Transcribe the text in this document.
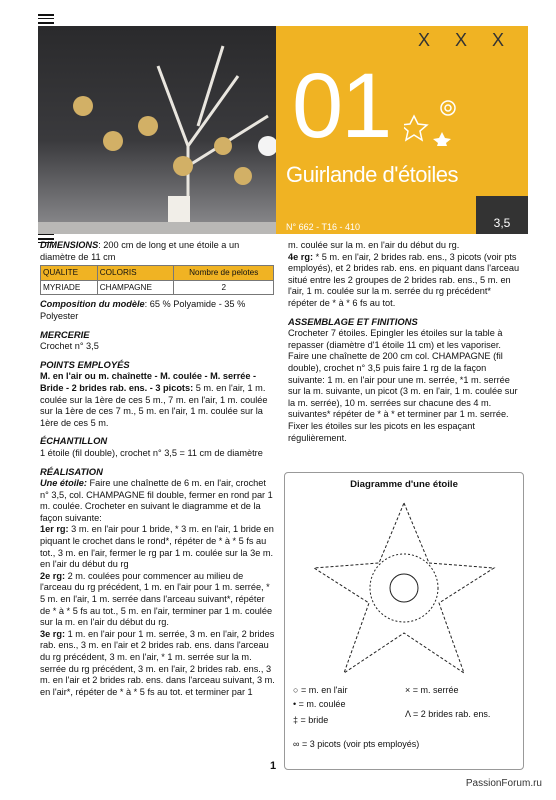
X X X
01
Guirlande d'étoiles
N° 662 - T16 - 410	3,5

DIMENSIONS: 200 cm de long et une étoile a un diamètre de 11 cm

QUALITE	COLORIS	Nombre de pelotes
MYRIADE	CHAMPAGNE	2

Composition du modèle: 65 % Polyamide - 35 % Polyester

MERCERIE

Crochet n° 3,5

POINTS EMPLOYÉS

M. en l'air ou m. chaînette - M. coulée - M. serrée - Bride - 2 brides rab. ens. - 3 picots: 5 m. en l'air, 1 m. coulée sur la 1ère de ces 5 m., 7 m. en l'air, 1 m. coulée sur la 1ère de ces 7 m., 5 m. en l'air, 1 m. coulée sur la 1ère de ces 5 m.

ÉCHANTILLON

1 étoile (fil double), crochet n° 3,5 = 11 cm de diamètre

RÉALISATION

Une étoile: Faire une chaînette de 6 m. en l'air, crochet n° 3,5, col. CHAMPAGNE fil double, fermer en rond par 1 m. coulée. Crocheter en suivant le diagramme et de la façon suivante:

1er rg: 3 m. en l'air pour 1 bride, * 3 m. en l'air, 1 bride en piquant le crochet dans le rond*, répéter de * à * 5 fs au tot., 3 m. en l'air, fermer le rg par 1 m. coulée sur la 3e m. en l'air du début du rg

2e rg: 2 m. coulées pour commencer au milieu de l'arceau du rg précédent, 1 m. en l'air pour 1 m. serrée, * 5 m. en l'air, 1 m. serrée dans l'arceau suivant*, répéter de * à * 5 fs au tot., 5 m. en l'air, terminer par 1 m. coulée sur la m. en l'air du début du rg.

3e rg: 1 m. en l'air pour 1 m. serrée, 3 m. en l'air, 2 brides rab. ens., 3 m. en l'air et 2 brides rab. ens. dans l'arceau du rg précédent, 3 m. en l'air, * 1 m. serrée sur la m. serrée du rg précédent, 3 m. en l'air, 2 brides rab. ens., 3 m. en l'air et 2 brides rab. ens. dans l'arceau suivant, 3 m. en l'air*, répéter de * à * 5 fs au tot. et terminer par 1

m. coulée sur la m. en l'air du début du rg.

4e rg: * 5 m. en l'air, 2 brides rab. ens., 3 picots (voir pts employés), et 2 brides rab. ens. en piquant dans l'arceau situé entre les 2 groupes de 2 brides rab. ens., 5 m. en l'air, 1 m. coulée sur la m. serrée du rg précédent* répéter de * à * 6 fs au tot.

ASSEMBLAGE ET FINITIONS

Crocheter 7 étoiles. Epingler les étoiles sur la table à repasser (diamètre d'1 étoile 11 cm) et les vaporiser. Faire une chaînette de 200 cm col. CHAMPAGNE (fil double), crochet n° 3,5 puis faire 1 rg de la façon suivante: 1 m. en l'air pour une m. serrée, *1 m. serrée sur la m. suivante, un picot (3 m. en l'air, 1 m. coulée sur la m. serrée), 10 m. serrées sur chacune des 4 m. suivantes* répéter de * à * et terminer par 1 m. serrée. Fixer les étoiles sur les picots en les espaçant régulièrement.

Diagramme d'une étoile
○ = m. en l'air
• = m. coulée
‡ = bride
× = m. serrée
Λ = 2 brides rab. ens.
∞ = 3 picots (voir pts employés)
1
PassionForum.ru
